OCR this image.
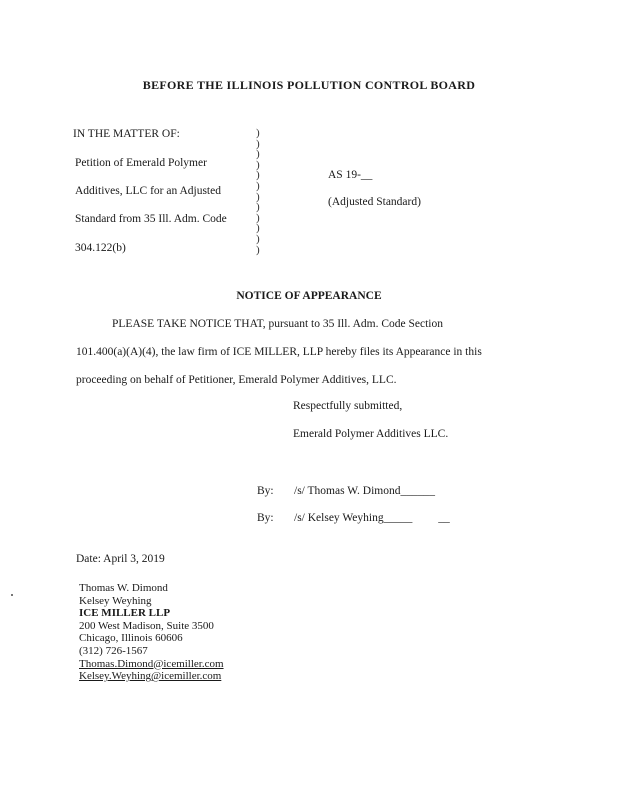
BEFORE THE ILLINOIS POLLUTION CONTROL BOARD
IN THE MATTER OF:
Petition of Emerald Polymer
Additives, LLC for an Adjusted
Standard from 35 Ill. Adm. Code
304.122(b)
)
)
)
)
)
)
)
)
)
)
)
)
AS 19-__
(Adjusted Standard)
NOTICE OF APPEARANCE
PLEASE TAKE NOTICE THAT, pursuant to 35 Ill. Adm. Code Section
101.400(a)(A)(4), the law firm of ICE MILLER, LLP hereby files its Appearance in this
proceeding on behalf of Petitioner, Emerald Polymer Additives, LLC.
Respectfully submitted,
Emerald Polymer Additives LLC.
By: /s/ Thomas W. Dimond______
By: /s/ Kelsey Weyhing_____         __
Date: April 3, 2019
Thomas W. Dimond
Kelsey Weyhing
ICE MILLER LLP
200 West Madison, Suite 3500
Chicago, Illinois 60606
(312) 726-1567
Thomas.Dimond@icemiller.com
Kelsey.Weyhing@icemiller.com
